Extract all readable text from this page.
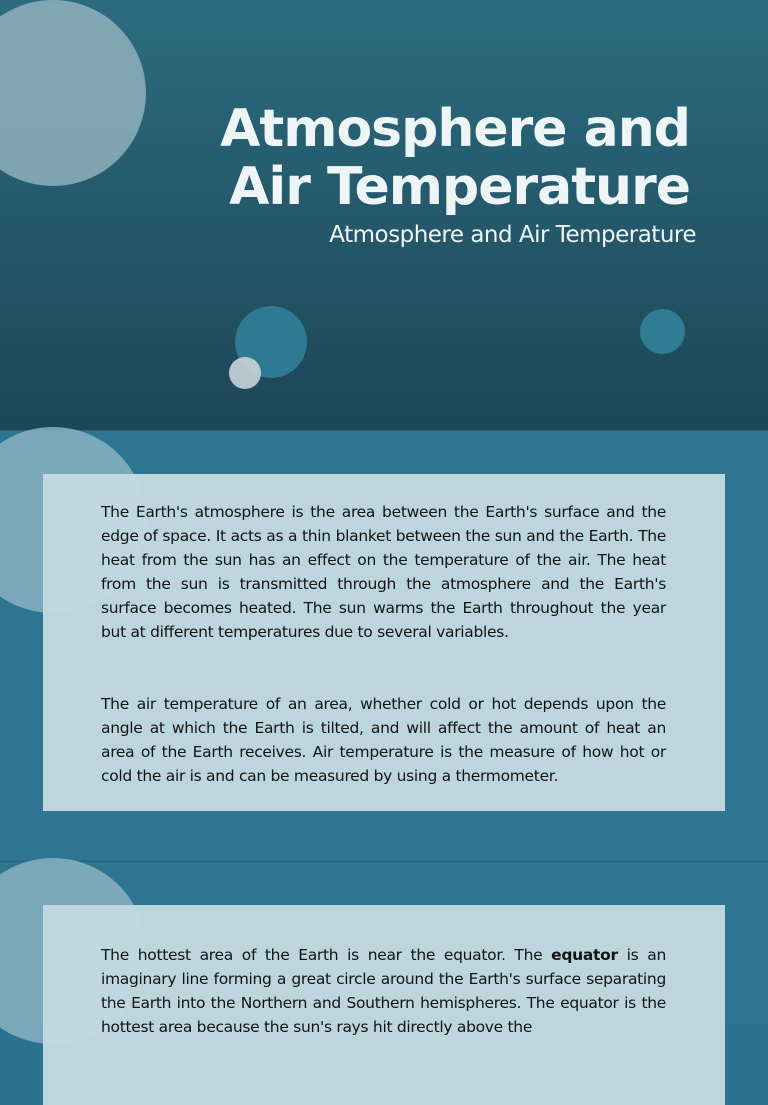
Atmosphere and
Air Temperature
Atmosphere and Air Temperature

The Earth's atmosphere is the area between the Earth's surface and the edge of space. It acts as a thin blanket between the sun and the Earth. The heat from the sun has an effect on the temperature of the air. The heat from the sun is transmitted through the atmosphere and the Earth's surface becomes heated. The sun warms the Earth throughout the year but at different temperatures due to several variables.

The air temperature of an area, whether cold or hot depends upon the angle at which the Earth is tilted, and will affect the amount of heat an area of the Earth receives. Air temperature is the measure of how hot or cold the air is and can be measured by using a thermometer.

The hottest area of the Earth is near the equator. The equator is an imaginary line forming a great circle around the Earth's surface separating the Earth into the Northern and Southern hemispheres. The equator is the hottest area because the sun's rays hit directly above the
